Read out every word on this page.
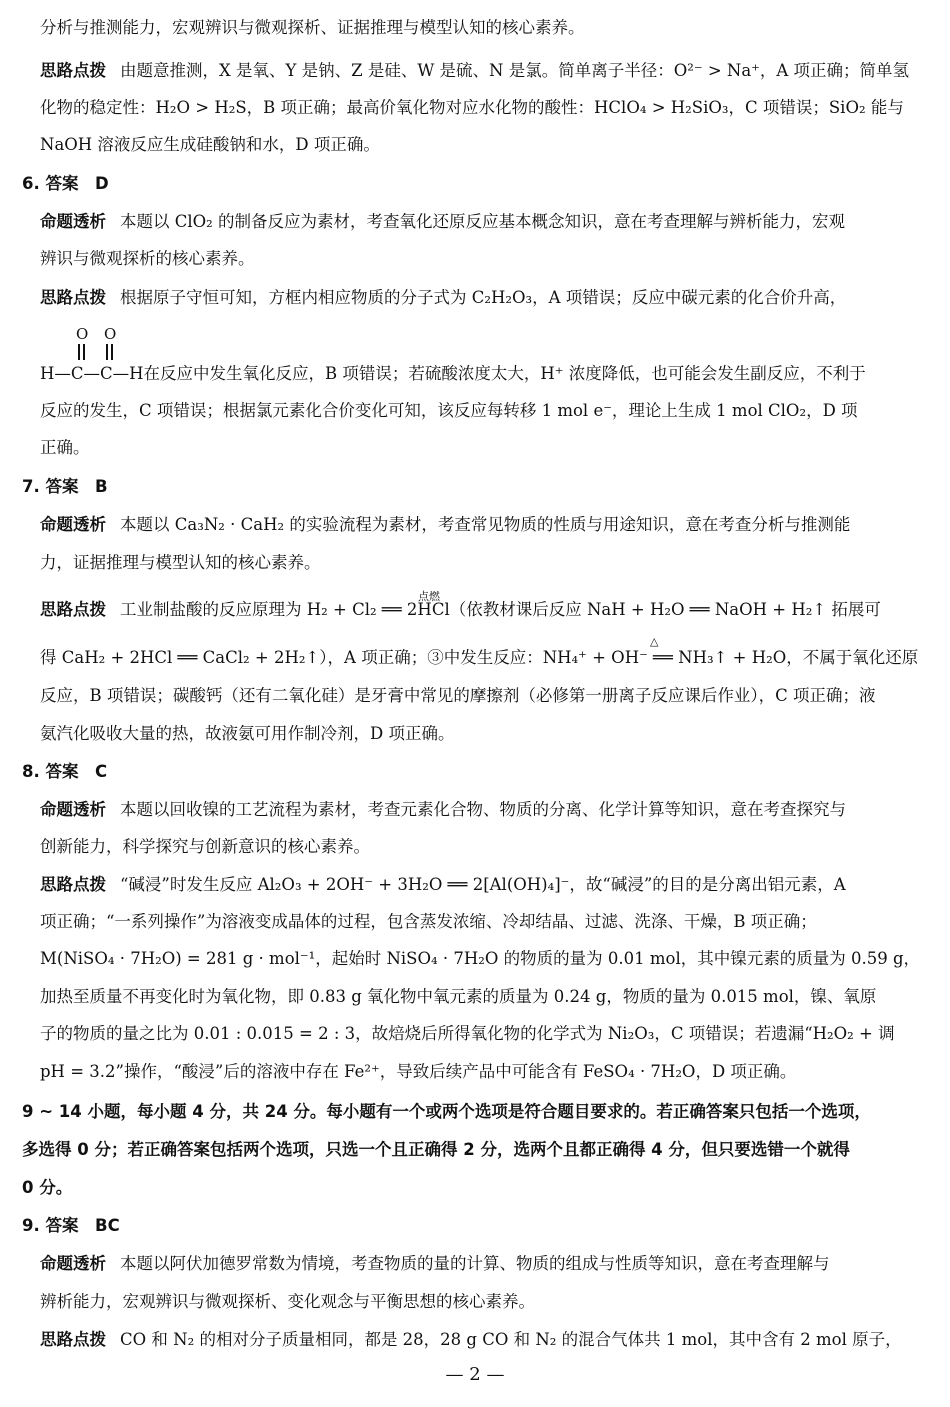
分析与推测能力，宏观辨识与微观探析、证据推理与模型认知的核心素养。
思路点拨 由题意推测，X 是氧、Y 是钠、Z 是硅、W 是硫、N 是氯。简单离子半径：O²⁻ > Na⁺，A 项正确；简单氢
化物的稳定性：H₂O > H₂S，B 项正确；最高价氧化物对应水化物的酸性：HClO₄ > H₂SiO₃，C 项错误；SiO₂ 能与
NaOH 溶液反应生成硅酸钠和水，D 项正确。
6. 答案　D
命题透析 本题以 ClO₂ 的制备反应为素材，考查氧化还原反应基本概念知识，意在考查理解与辨析能力，宏观
辨识与微观探析的核心素养。
思路点拨 根据原子守恒可知，方框内相应物质的分子式为 C₂H₂O₃，A 项错误；反应中碳元素的化合价升高，
O O
H—C—C—H在反应中发生氧化反应，B 项错误；若硫酸浓度太大，H⁺ 浓度降低，也可能会发生副反应，不利于
反应的发生，C 项错误；根据氯元素化合价变化可知，该反应每转移 1 mol e⁻，理论上生成 1 mol ClO₂，D 项
正确。
7. 答案　B
命题透析 本题以 Ca₃N₂ · CaH₂ 的实验流程为素材，考查常见物质的性质与用途知识，意在考查分析与推测能
力，证据推理与模型认知的核心素养。
点燃
思路点拨 工业制盐酸的反应原理为 H₂ + Cl₂ ══ 2HCl（依教材课后反应 NaH + H₂O ══ NaOH + H₂↑ 拓展可
△
得 CaH₂ + 2HCl ══ CaCl₂ + 2H₂↑），A 项正确；③中发生反应：NH₄⁺ + OH⁻ ══ NH₃↑ + H₂O，不属于氧化还原
反应，B 项错误；碳酸钙（还有二氧化硅）是牙膏中常见的摩擦剂（必修第一册离子反应课后作业），C 项正确；液
氨汽化吸收大量的热，故液氨可用作制冷剂，D 项正确。
8. 答案　C
命题透析 本题以回收镍的工艺流程为素材，考查元素化合物、物质的分离、化学计算等知识，意在考查探究与
创新能力，科学探究与创新意识的核心素养。
思路点拨 “碱浸”时发生反应 Al₂O₃ + 2OH⁻ + 3H₂O ══ 2[Al(OH)₄]⁻，故“碱浸”的目的是分离出铝元素，A
项正确；“一系列操作”为溶液变成晶体的过程，包含蒸发浓缩、冷却结晶、过滤、洗涤、干燥，B 项正确；
M(NiSO₄ · 7H₂O) = 281 g · mol⁻¹，起始时 NiSO₄ · 7H₂O 的物质的量为 0.01 mol，其中镍元素的质量为 0.59 g，
加热至质量不再变化时为氧化物，即 0.83 g 氧化物中氧元素的质量为 0.24 g，物质的量为 0.015 mol，镍、氧原
子的物质的量之比为 0.01 : 0.015 = 2 : 3，故焙烧后所得氧化物的化学式为 Ni₂O₃，C 项错误；若遗漏“H₂O₂ + 调
pH = 3.2”操作，“酸浸”后的溶液中存在 Fe²⁺，导致后续产品中可能含有 FeSO₄ · 7H₂O，D 项正确。
9 ~ 14 小题，每小题 4 分，共 24 分。每小题有一个或两个选项是符合题目要求的。若正确答案只包括一个选项，
多选得 0 分；若正确答案包括两个选项，只选一个且正确得 2 分，选两个且都正确得 4 分，但只要选错一个就得
0 分。
9. 答案　BC
命题透析 本题以阿伏加德罗常数为情境，考查物质的量的计算、物质的组成与性质等知识，意在考查理解与
辨析能力，宏观辨识与微观探析、变化观念与平衡思想的核心素养。
思路点拨 CO 和 N₂ 的相对分子质量相同，都是 28，28 g CO 和 N₂ 的混合气体共 1 mol，其中含有 2 mol 原子，
— 2 —
